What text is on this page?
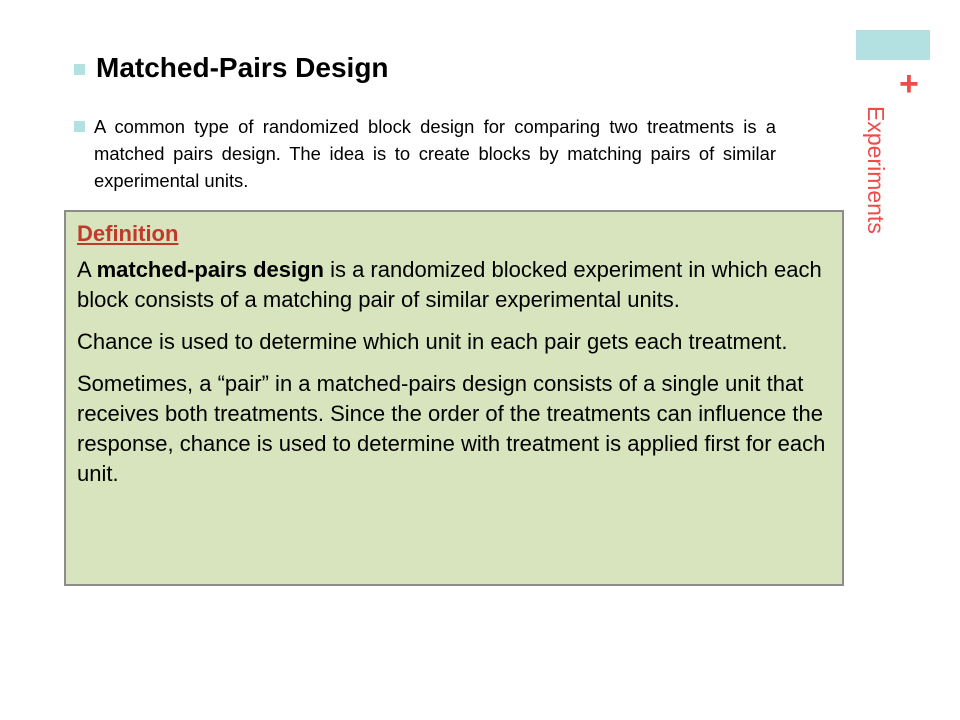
Matched-Pairs Design
A common type of randomized block design for comparing two treatments is a matched pairs design. The idea is to create blocks by matching pairs of similar experimental units.
Definition

A matched-pairs design is a randomized blocked experiment in which each block consists of a matching pair of similar experimental units.

Chance is used to determine which unit in each pair gets each treatment.

Sometimes, a “pair” in a matched-pairs design consists of a single unit that receives both treatments. Since the order of the treatments can influence the response, chance is used to determine with treatment is applied first for each unit.

+
Experiments
